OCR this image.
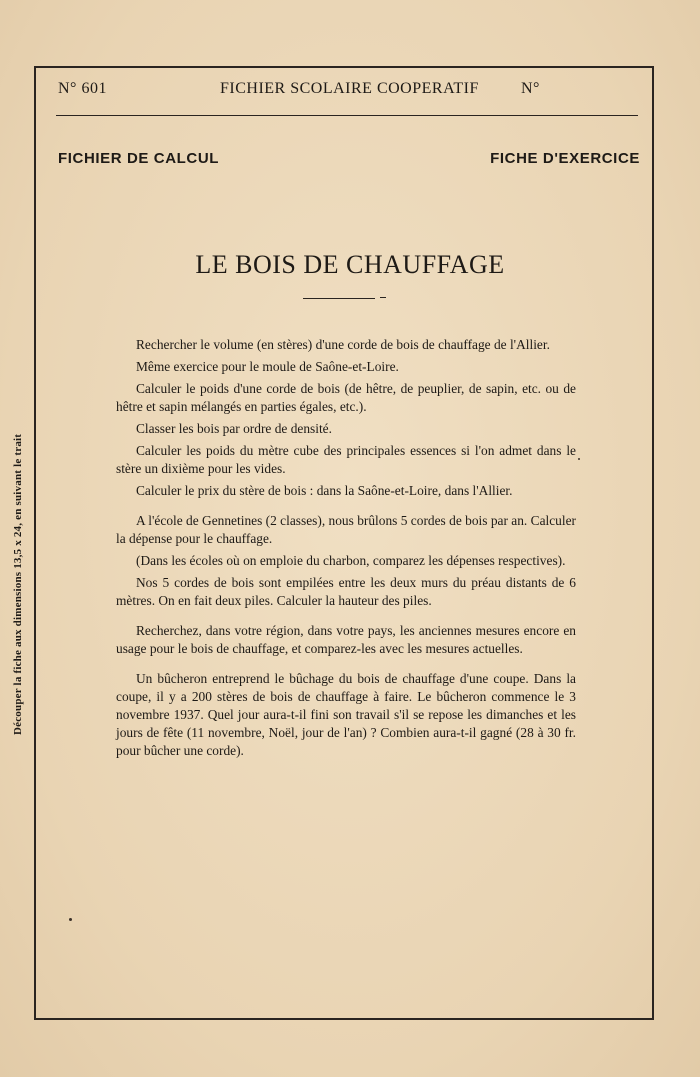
N° 601	FICHIER SCOLAIRE COOPERATIF	N°
FICHIER DE CALCUL	FICHE D'EXERCICE
LE BOIS DE CHAUFFAGE

Rechercher le volume (en stères) d'une corde de bois de chauffage de l'Allier.

Même exercice pour le moule de Saône-et-Loire.

Calculer le poids d'une corde de bois (de hêtre, de peuplier, de sapin, etc. ou de hêtre et sapin mélangés en parties égales, etc.).

Classer les bois par ordre de densité.

Calculer les poids du mètre cube des principales essences si l'on admet dans le stère un dixième pour les vides.

Calculer le prix du stère de bois : dans la Saône-et-Loire, dans l'Allier.

A l'école de Gennetines (2 classes), nous brûlons 5 cordes de bois par an. Calculer la dépense pour le chauffage.

(Dans les écoles où on emploie du charbon, comparez les dépenses respectives).

Nos 5 cordes de bois sont empilées entre les deux murs du préau distants de 6 mètres. On en fait deux piles. Calculer la hauteur des piles.

Recherchez, dans votre région, dans votre pays, les anciennes mesures encore en usage pour le bois de chauffage, et comparez-les avec les mesures actuelles.

Un bûcheron entreprend le bûchage du bois de chauffage d'une coupe. Dans la coupe, il y a 200 stères de bois de chauffage à faire. Le bûcheron commence le 3 novembre 1937. Quel jour aura-t-il fini son travail s'il se repose les dimanches et les jours de fête (11 novembre, Noël, jour de l'an) ? Combien aura-t-il gagné (28 à 30 fr. pour bûcher une corde).

Découper la fiche aux dimensions 13,5 x 24, en suivant le trait
